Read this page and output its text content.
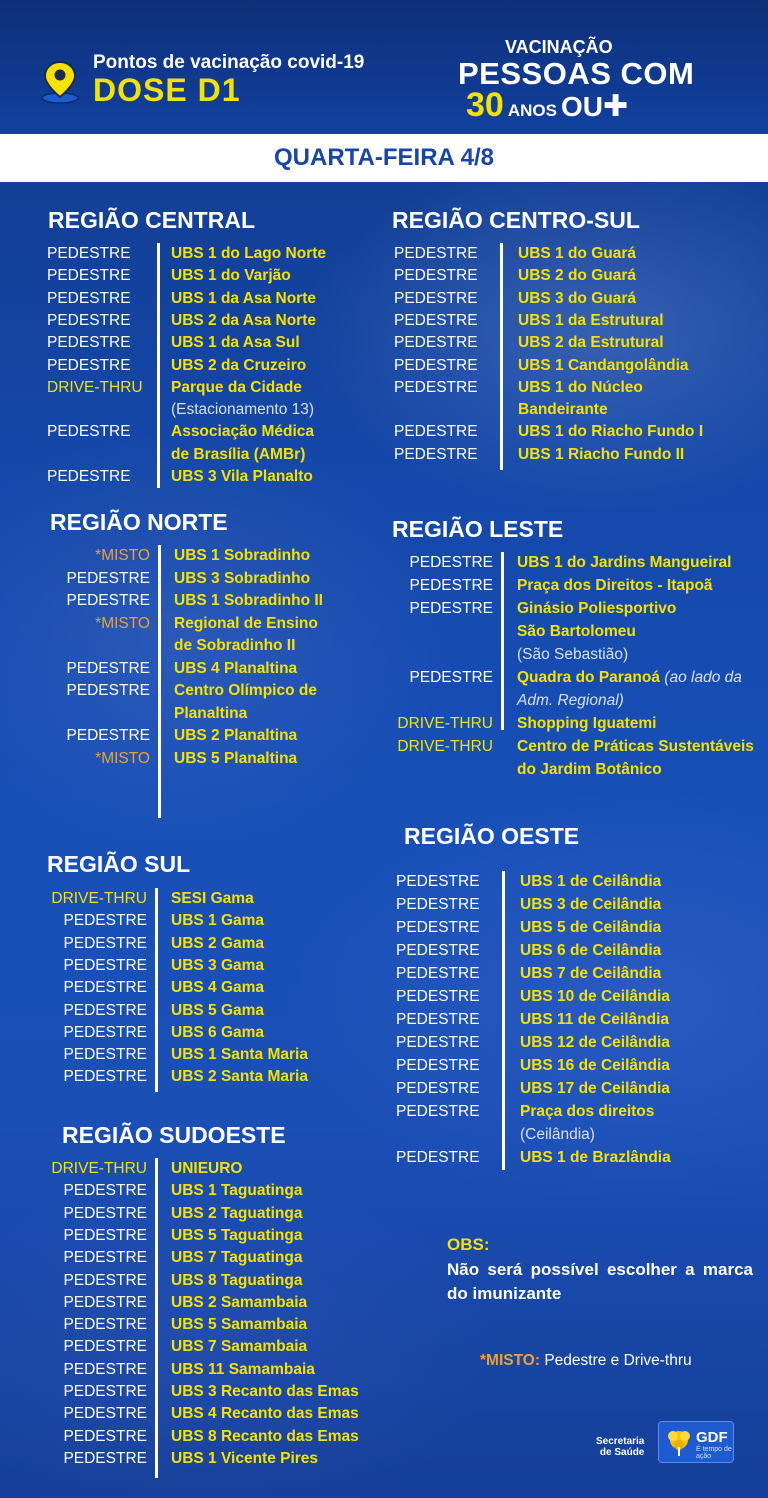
Pontos de vacinação covid-19
DOSE D1
VACINAÇÃO
PESSOAS COM
30 ANOS OU✚
QUARTA-FEIRA 4/8
REGIÃO CENTRAL	REGIÃO CENTRO-SUL
REGIÃO NORTE	REGIÃO LESTE
REGIÃO SUL
REGIÃO OESTE
REGIÃO SUDOESTE
PEDESTRE	UBS 1 do Lago Norte
PEDESTRE	UBS 1 do Varjão
PEDESTRE	UBS 1 da Asa Norte
PEDESTRE	UBS 2 da Asa Norte
PEDESTRE	UBS 1 da Asa Sul
PEDESTRE	UBS 2 da Cruzeiro
DRIVE-THRU	Parque da Cidade
(Estacionamento 13)
PEDESTRE	Associação Médica
de Brasília (AMBr)
PEDESTRE	UBS 3 Vila Planalto
PEDESTRE	UBS 1 do Guará
PEDESTRE	UBS 2 do Guará
PEDESTRE	UBS 3 do Guará
PEDESTRE	UBS 1 da Estrutural
PEDESTRE	UBS 2 da Estrutural
PEDESTRE	UBS 1 Candangolândia
PEDESTRE	UBS 1 do Núcleo
Bandeirante
PEDESTRE	UBS 1 do Riacho Fundo I
PEDESTRE	UBS 1 Riacho Fundo II
*MISTO UBS 1 Sobradinho
PEDESTRE UBS 3 Sobradinho
PEDESTRE UBS 1 Sobradinho II
*MISTO Regional de Ensino
de Sobradinho II
PEDESTRE UBS 4 Planaltina
PEDESTRE Centro Olímpico de
Planaltina
PEDESTRE UBS 2 Planaltina
*MISTO UBS 5 Planaltina
PEDESTRE UBS 1 do Jardins Mangueiral
PEDESTRE Praça dos Direitos - Itapoã
PEDESTRE Ginásio Poliesportivo
São Bartolomeu
(São Sebastião)
PEDESTRE Quadra do Paranoá (ao lado da
Adm. Regional)
DRIVE-THRU Shopping Iguatemi
DRIVE-THRU Centro de Práticas Sustentáveis
do Jardim Botânico
DRIVE-THRU SESI Gama
PEDESTRE UBS 1 Gama
PEDESTRE UBS 2 Gama
PEDESTRE UBS 3 Gama
PEDESTRE UBS 4 Gama
PEDESTRE UBS 5 Gama
PEDESTRE UBS 6 Gama
PEDESTRE UBS 1 Santa Maria
PEDESTRE UBS 2 Santa Maria
PEDESTRE	UBS 1 de Ceilândia
PEDESTRE	UBS 3 de Ceilândia
PEDESTRE	UBS 5 de Ceilândia
PEDESTRE	UBS 6 de Ceilândia
PEDESTRE	UBS 7 de Ceilândia
PEDESTRE	UBS 10 de Ceilândia
PEDESTRE	UBS 11 de Ceilândia
PEDESTRE	UBS 12 de Ceilândia
PEDESTRE	UBS 16 de Ceilândia
PEDESTRE	UBS 17 de Ceilândia
PEDESTRE	Praça dos direitos
(Ceilândia)
PEDESTRE	UBS 1 de Brazlândia
DRIVE-THRU UNIEURO
PEDESTRE UBS 1 Taguatinga
PEDESTRE UBS 2 Taguatinga
PEDESTRE UBS 5 Taguatinga
PEDESTRE UBS 7 Taguatinga
PEDESTRE UBS 8 Taguatinga
PEDESTRE UBS 2 Samambaia
PEDESTRE UBS 5 Samambaia
PEDESTRE UBS 7 Samambaia
PEDESTRE UBS 11 Samambaia
PEDESTRE UBS 3 Recanto das Emas
PEDESTRE UBS 4 Recanto das Emas
PEDESTRE UBS 8 Recanto das Emas
PEDESTRE UBS 1 Vicente Pires
OBS:
Não será possível escolher a marca do imunizante
*MISTO: Pedestre e Drive-thru
Secretaria
de Saúde
GDF
É tempo de ação
